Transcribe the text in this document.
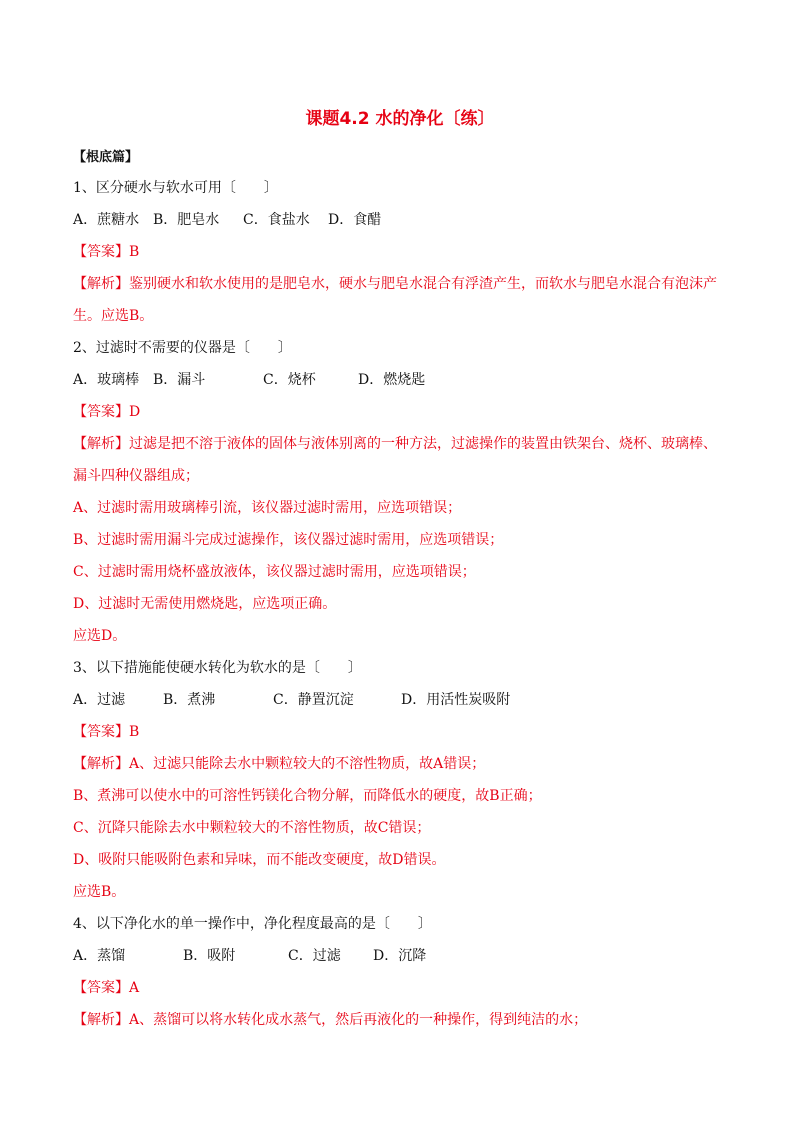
课题4.2 水的净化〔练〕
【根底篇】
1、区分硬水与软水可用〔　　〕
A．蔗糖水 B．肥皂水 C．食盐水 D．食醋
【答案】B
【解析】鉴别硬水和软水使用的是肥皂水，硬水与肥皂水混合有浮渣产生，而软水与肥皂水混合有泡沫产
生。应选B。
2、过滤时不需要的仪器是〔　　〕
A．玻璃棒 B．漏斗	C．烧杯	D．燃烧匙
【答案】D
【解析】过滤是把不溶于液体的固体与液体别离的一种方法，过滤操作的装置由铁架台、烧杯、玻璃棒、
漏斗四种仪器组成；
A、过滤时需用玻璃棒引流，该仪器过滤时需用，应选项错误；
B、过滤时需用漏斗完成过滤操作，该仪器过滤时需用，应选项错误；
C、过滤时需用烧杯盛放液体，该仪器过滤时需用，应选项错误；
D、过滤时无需使用燃烧匙，应选项正确。
应选D。
3、以下措施能使硬水转化为软水的是〔　　〕
A．过滤	B．煮沸	C．静置沉淀	D．用活性炭吸附
【答案】B
【解析】A、过滤只能除去水中颗粒较大的不溶性物质，故A错误；
B、煮沸可以使水中的可溶性钙镁化合物分解，而降低水的硬度，故B正确；
C、沉降只能除去水中颗粒较大的不溶性物质，故C错误；
D、吸附只能吸附色素和异味，而不能改变硬度，故D错误。
应选B。
4、以下净化水的单一操作中，净化程度最高的是〔　　〕
A．蒸馏	B．吸附	C．过滤 D．沉降
【答案】A
【解析】A、蒸馏可以将水转化成水蒸气，然后再液化的一种操作，得到纯洁的水；
